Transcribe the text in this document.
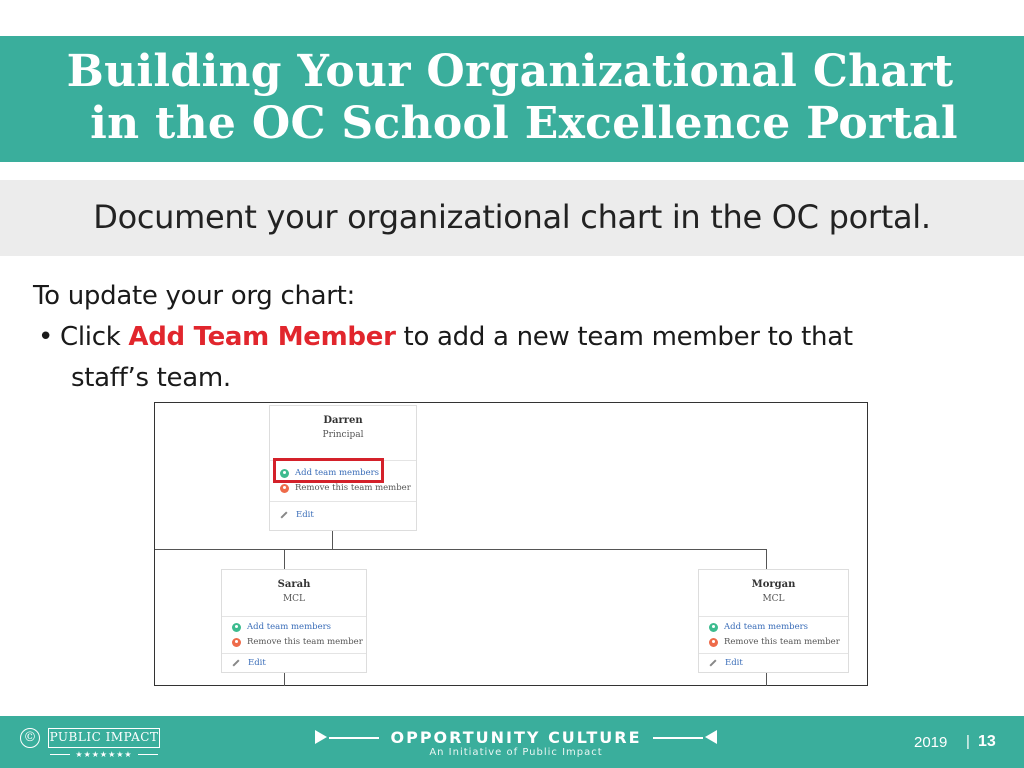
Building Your Organizational Chart
in the OC School Excellence Portal
Document your organizational chart in the OC portal.
To update your org chart:
• Click Add Team Member to add a new team member to that
staff’s team.
Darren
Principal
Add team members
Remove this team member
Edit
Sarah
MCL
Add team members
Remove this team member
Edit
Morgan
MCL
Add team members
Remove this team member
Edit
© PUBLIC IMPACT
★★★★★★★
OPPORTUNITY CULTURE
An Initiative of Public Impact
2019 | 13
